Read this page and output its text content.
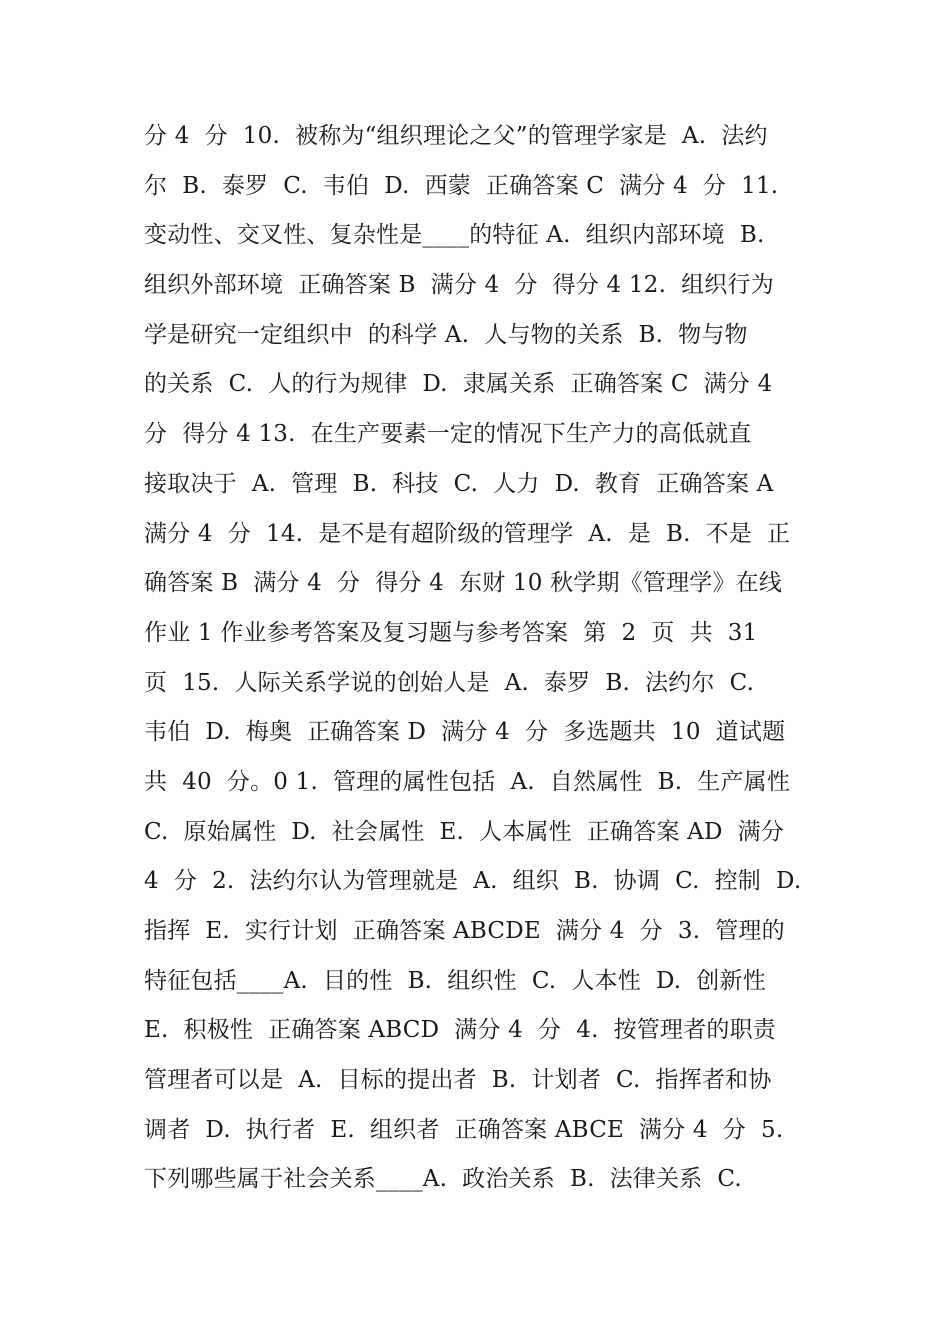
分 4  分  10.  被称为“组织理论之父”的管理学家是  A.  法约
尔  B.  泰罗  C.  韦伯  D.  西蒙  正确答案 C  满分 4  分  11.
变动性、交叉性、复杂性是____的特征 A.  组织内部环境  B.
组织外部环境  正确答案 B  满分 4  分  得分 4 12.  组织行为
学是研究一定组织中  的科学 A.  人与物的关系  B.  物与物
的关系  C.  人的行为规律  D.  隶属关系  正确答案 C  满分 4
分  得分 4 13.  在生产要素一定的情况下生产力的高低就直
接取决于  A.  管理  B.  科技  C.  人力  D.  教育  正确答案 A
满分 4  分  14.  是不是有超阶级的管理学  A.  是  B.  不是  正
确答案 B  满分 4  分  得分 4  东财 10 秋学期《管理学》在线
作业 1 作业参考答案及复习题与参考答案  第  2  页  共  31
页  15.  人际关系学说的创始人是  A.  泰罗  B.  法约尔  C.
韦伯  D.  梅奥  正确答案 D  满分 4  分  多选题共  10  道试题
共  40  分。0 1.  管理的属性包括  A.  自然属性  B.  生产属性
C.  原始属性  D.  社会属性  E.  人本属性  正确答案 AD  满分
4  分  2.  法约尔认为管理就是  A.  组织  B.  协调  C.  控制  D.
指挥  E.  实行计划  正确答案 ABCDE  满分 4  分  3.  管理的
特征包括____A.  目的性  B.  组织性  C.  人本性  D.  创新性
E.  积极性  正确答案 ABCD  满分 4  分  4.  按管理者的职责
管理者可以是  A.  目标的提出者  B.  计划者  C.  指挥者和协
调者  D.  执行者  E.  组织者  正确答案 ABCE  满分 4  分  5.
下列哪些属于社会关系____A.  政治关系  B.  法律关系  C.
